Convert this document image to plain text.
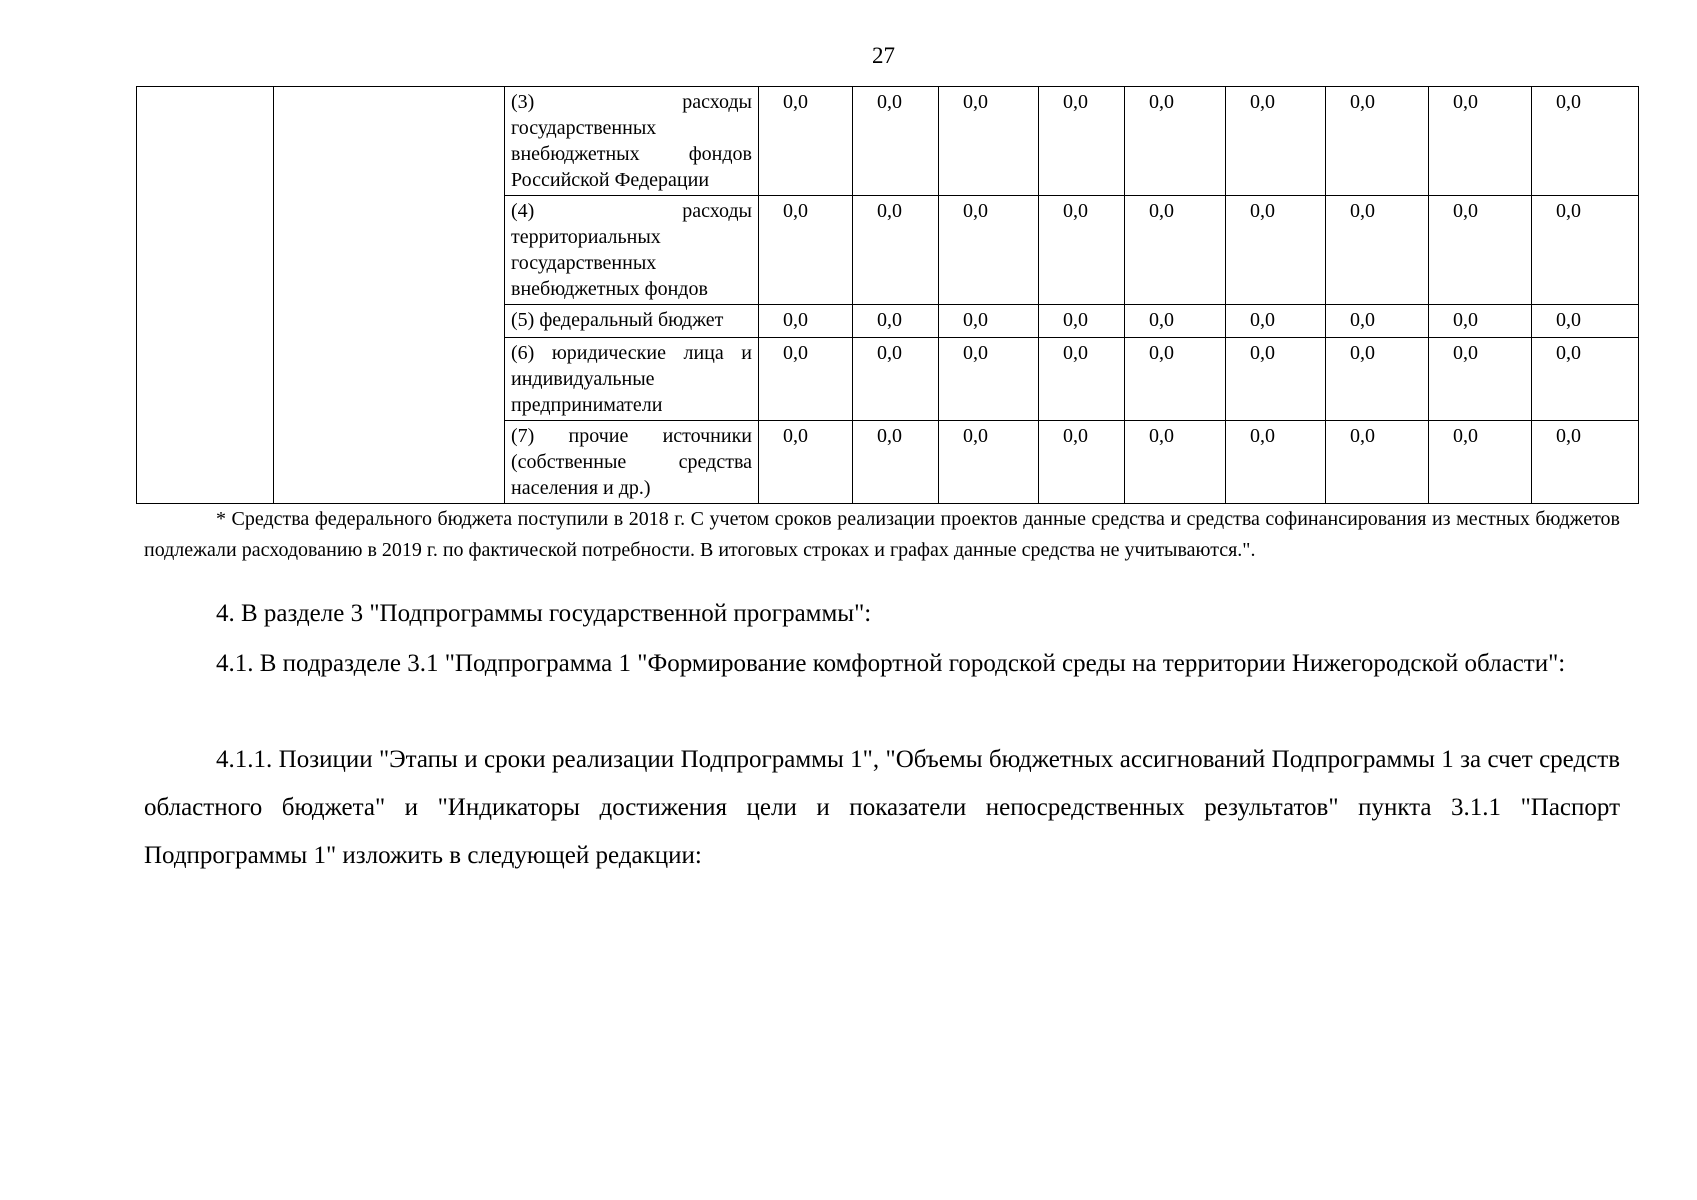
27
		(3) расходы государственных внебюджетных фондов Российской Федерации	0,0	0,0	0,0	0,0	0,0	0,0	0,0	0,0	0,0
		(4) расходы территориальных государственных внебюджетных фондов	0,0	0,0	0,0	0,0	0,0	0,0	0,0	0,0	0,0
		(5) федеральный бюджет	0,0	0,0	0,0	0,0	0,0	0,0	0,0	0,0	0,0
		(6) юридические лица и индивидуальные предприниматели	0,0	0,0	0,0	0,0	0,0	0,0	0,0	0,0	0,0
		(7) прочие источники (собственные средства населения и др.)	0,0	0,0	0,0	0,0	0,0	0,0	0,0	0,0	0,0

* Средства федерального бюджета поступили в 2018 г. С учетом сроков реализации проектов данные средства и средства софинансирования из местных бюджетов подлежали расходованию в 2019 г. по фактической потребности. В итоговых строках и графах данные средства не учитываются.".

4. В разделе 3 "Подпрограммы государственной программы":

4.1. В подразделе 3.1 "Подпрограмма 1 "Формирование комфортной городской среды на территории Нижегородской области":

4.1.1. Позиции "Этапы и сроки реализации Подпрограммы 1", "Объемы бюджетных ассигнований Подпрограммы 1 за счет средств областного бюджета" и "Индикаторы достижения цели и показатели непосредственных результатов" пункта 3.1.1 "Паспорт Подпрограммы 1" изложить в следующей редакции:
